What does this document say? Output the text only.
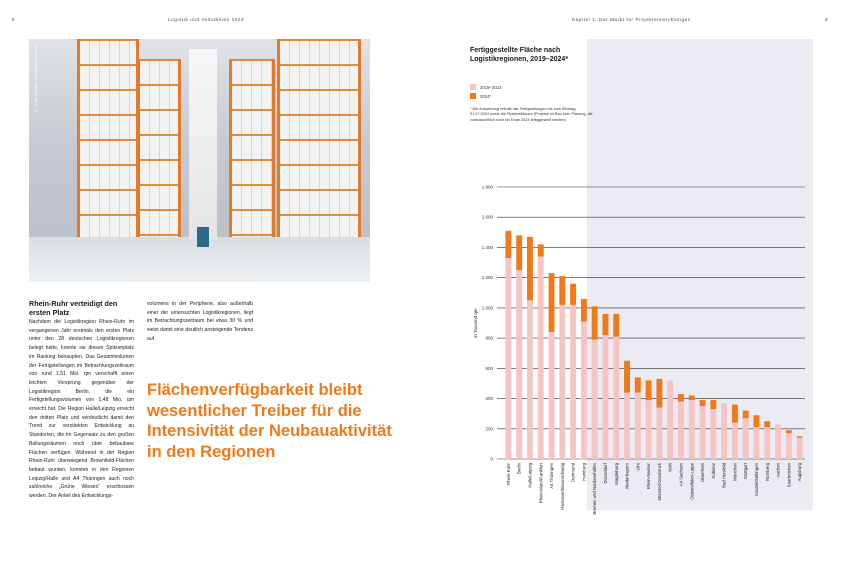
8	Logistik und Immobilien 2024	Kapitel 1: Der Markt für Projektentwicklungen	9
© Getty Images / Fotografin Dorothea
Rhein-Ruhr verteidigt den ersten Platz
Nachdem die Logistikregion Rhein-Ruhr im vergangenen Jahr erstmals den ersten Platz unter den 28 deutschen Logistikregionen belegt hatte, konnte sie diesen Spitzenplatz im Ranking behaupten. Das Gesamtvolumen der Fertigstellungen im Betrachtungszeitraum von rund 1,51 Mio. qm verschafft einen leichten Vorsprung gegenüber der Logistikregion Berlin, die ein Fertigstellungsvolumen von 1,48 Mio. qm erreicht hat. Die Region Halle/Leipzig erreicht den dritten Platz und verdeutlicht damit den Trend zur verstärkten Entwicklung an Standorten, die im Gegensatz zu den großen Ballungsräumen noch über bebaubare Flächen verfügen. Während in der Region Rhein-Ruhr überwiegend Brownfield-Flächen bebaut wurden, konnten in den Regionen Leipzig/Halle und A4 Thüringen auch noch zahlreiche „Grüne Wiesen“ erschlossen werden. Der Anteil des Entwicklungs-
volumens in der Peripherie, also außerhalb einer der untersuchten Logistikregionen, liegt im Betrachtungszeitraum bei etwa 30 % und weist damit eine deutlich ansteigende Tendenz auf.
Flächenverfügbarkeit bleibt wesentlicher Treiber für die Intensivität der Neubauaktivität in den Regionen
Fertiggestellte Fläche nach Logistikregionen, 2019–2024*
2019–2023
2024*
* Die Auswertung enthält alle Fertigstellungen bis zum Stichtag 31.07.2024 sowie die Pipelineflächen (Projekte im Bau bzw. Planung, die voraussichtlich noch bis Ende 2024 fertiggestellt werden)
0
200
400
600
800
1.000
1.200
1.400
1.600
1.800
in Tausend qm
Rhein-Ruhr Berlin Halle/Leipzig Rhein-Main/Frankfurt A4 Thüringen Hannover/Braunschweig Dortmund Hamburg Bremen und Nordseehäfen Düsseldorf Magdeburg Niederbayern Ulm Rhein-Neckar Münster/Osnabrück Köln A4 Sachsen Ostwestfalen-Lippe Oberrhein Koblenz Bad Hersfeld München Stuttgart Kassel/Göttingen Nürnberg Aachen Saarbrücken Augsburg
